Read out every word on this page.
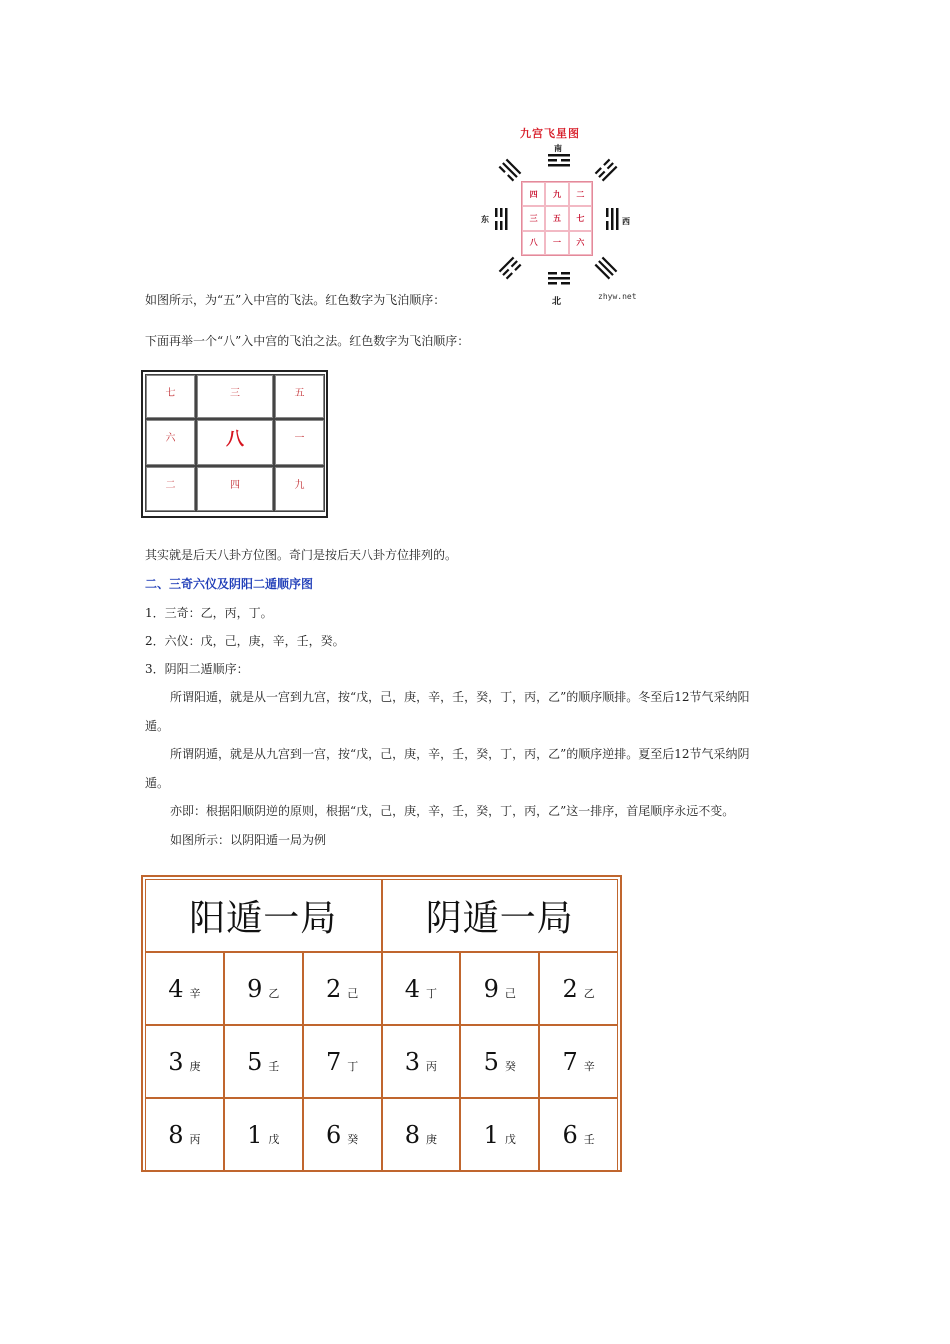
九宫飞星图
南
北
东	西
四	九	二
三	五	七
八	一	六
zhyw.net
如图所示，为“五”入中宫的飞法。红色数字为飞泊顺序：
下面再举一个“八”入中宫的飞泊之法。红色数字为飞泊顺序：
七	三	五
六	八	一
二	四	九
其实就是后天八卦方位图。奇门是按后天八卦方位排列的。
二、三奇六仪及阴阳二遁顺序图
1．三奇：乙，丙，丁。
2．六仪：戊，己，庚，辛，壬，癸。
3．阴阳二遁顺序：
所谓阳遁，就是从一宫到九宫，按“戊，己，庚，辛，壬，癸，丁，丙，乙”的顺序顺排。冬至后12节气采纳阳
遁。
所谓阴遁，就是从九宫到一宫，按“戊，己，庚，辛，壬，癸，丁，丙，乙”的顺序逆排。夏至后12节气采纳阴
遁。
亦即：根据阳顺阴逆的原则，根据“戊，己，庚，辛，壬，癸，丁，丙，乙”这一排序，首尾顺序永远不变。
如图所示：以阴阳遁一局为例
阳遁一局	阴遁一局
4 辛 9 乙 2 己 4 丁 9 己 2 乙
3 庚 5 壬 7 丁 3 丙 5 癸 7 辛
8 丙 1 戊 6 癸 8 庚 1 戊 6 壬
